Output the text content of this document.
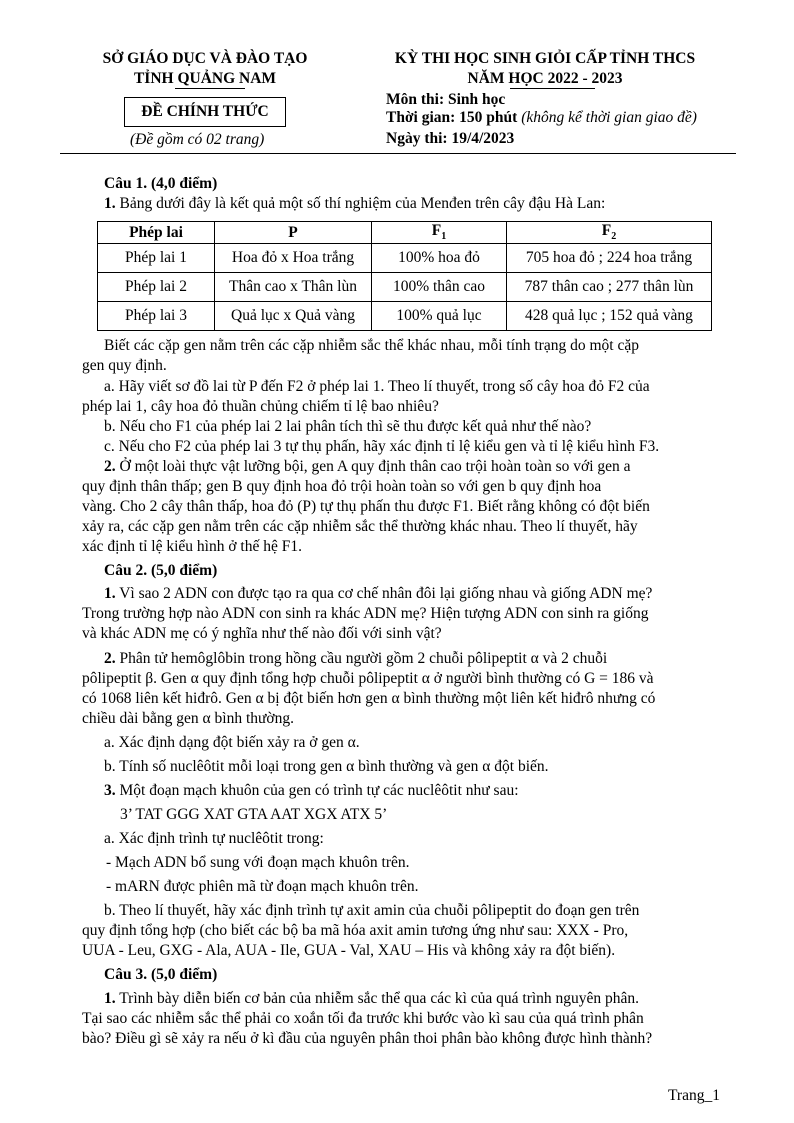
SỞ GIÁO DỤC VÀ ĐÀO TẠO
TỈNH QUẢNG NAM
ĐỀ CHÍNH THỨC
(Đề gồm có 02 trang)
KỲ THI HỌC SINH GIỎI CẤP TỈNH THCS
NĂM HỌC 2022 - 2023
Môn thi: Sinh học
Thời gian: 150 phút (không kể thời gian giao đề)
Ngày thi: 19/4/2023
Câu 1. (4,0 điểm)
1. Bảng dưới đây là kết quả một số thí nghiệm của Menđen trên cây đậu Hà Lan:
Phép lai	P	$F_1$	$F_2$
Phép lai 1	Hoa đỏ x Hoa trắng	100% hoa đỏ	705 hoa đỏ ; 224 hoa trắng
Phép lai 2	Thân cao x Thân lùn	100% thân cao	787 thân cao ; 277 thân lùn
Phép lai 3	Quả lục x Quả vàng	100% quả lục	428 quả lục ; 152 quả vàng
Biết các cặp gen nằm trên các cặp nhiễm sắc thể khác nhau, mỗi tính trạng do một cặp
gen quy định.
a. Hãy viết sơ đồ lai từ P đến F2 ở phép lai 1. Theo lí thuyết, trong số cây hoa đỏ F2 của
phép lai 1, cây hoa đỏ thuần chủng chiếm tỉ lệ bao nhiêu?
b. Nếu cho F1 của phép lai 2 lai phân tích thì sẽ thu được kết quả như thế nào?
c. Nếu cho F2 của phép lai 3 tự thụ phấn, hãy xác định tỉ lệ kiểu gen và tỉ lệ kiểu hình F3.
2. Ở một loài thực vật lưỡng bội, gen A quy định thân cao trội hoàn toàn so với gen a
quy định thân thấp; gen B quy định hoa đỏ trội hoàn toàn so với gen b quy định hoa
vàng. Cho 2 cây thân thấp, hoa đỏ (P) tự thụ phấn thu được F1. Biết rằng không có đột biến
xảy ra, các cặp gen nằm trên các cặp nhiễm sắc thể thường khác nhau. Theo lí thuyết, hãy
xác định tỉ lệ kiểu hình ở thế hệ F1.
Câu 2. (5,0 điểm)
1. Vì sao 2 ADN con được tạo ra qua cơ chế nhân đôi lại giống nhau và giống ADN mẹ?
Trong trường hợp nào ADN con sinh ra khác ADN mẹ? Hiện tượng ADN con sinh ra giống
và khác ADN mẹ có ý nghĩa như thế nào đối với sinh vật?
2. Phân tử hemôglôbin trong hồng cầu người gồm 2 chuỗi pôlipeptit α và 2 chuỗi
pôlipeptit β. Gen α quy định tổng hợp chuỗi pôlipeptit α ở người bình thường có G = 186 và
có 1068 liên kết hiđrô. Gen α bị đột biến hơn gen α bình thường một liên kết hiđrô nhưng có
chiều dài bằng gen α bình thường.
a. Xác định dạng đột biến xảy ra ở gen α.
b. Tính số nuclêôtit mỗi loại trong gen α bình thường và gen α đột biến.
3. Một đoạn mạch khuôn của gen có trình tự các nuclêôtit như sau:
3’ TAT GGG XAT GTA AAT XGX ATX 5’
a. Xác định trình tự nuclêôtit trong:
- Mạch ADN bổ sung với đoạn mạch khuôn trên.
- mARN được phiên mã từ đoạn mạch khuôn trên.
b. Theo lí thuyết, hãy xác định trình tự axit amin của chuỗi pôlipeptit do đoạn gen trên
quy định tổng hợp (cho biết các bộ ba mã hóa axit amin tương ứng như sau: XXX - Pro,
UUA - Leu, GXG - Ala, AUA - Ile, GUA - Val, XAU – His và không xảy ra đột biến).
Câu 3. (5,0 điểm)
1. Trình bày diễn biến cơ bản của nhiễm sắc thể qua các kì của quá trình nguyên phân.
Tại sao các nhiễm sắc thể phải co xoắn tối đa trước khi bước vào kì sau của quá trình phân
bào? Điều gì sẽ xảy ra nếu ở kì đầu của nguyên phân thoi phân bào không được hình thành?
Trang_1
